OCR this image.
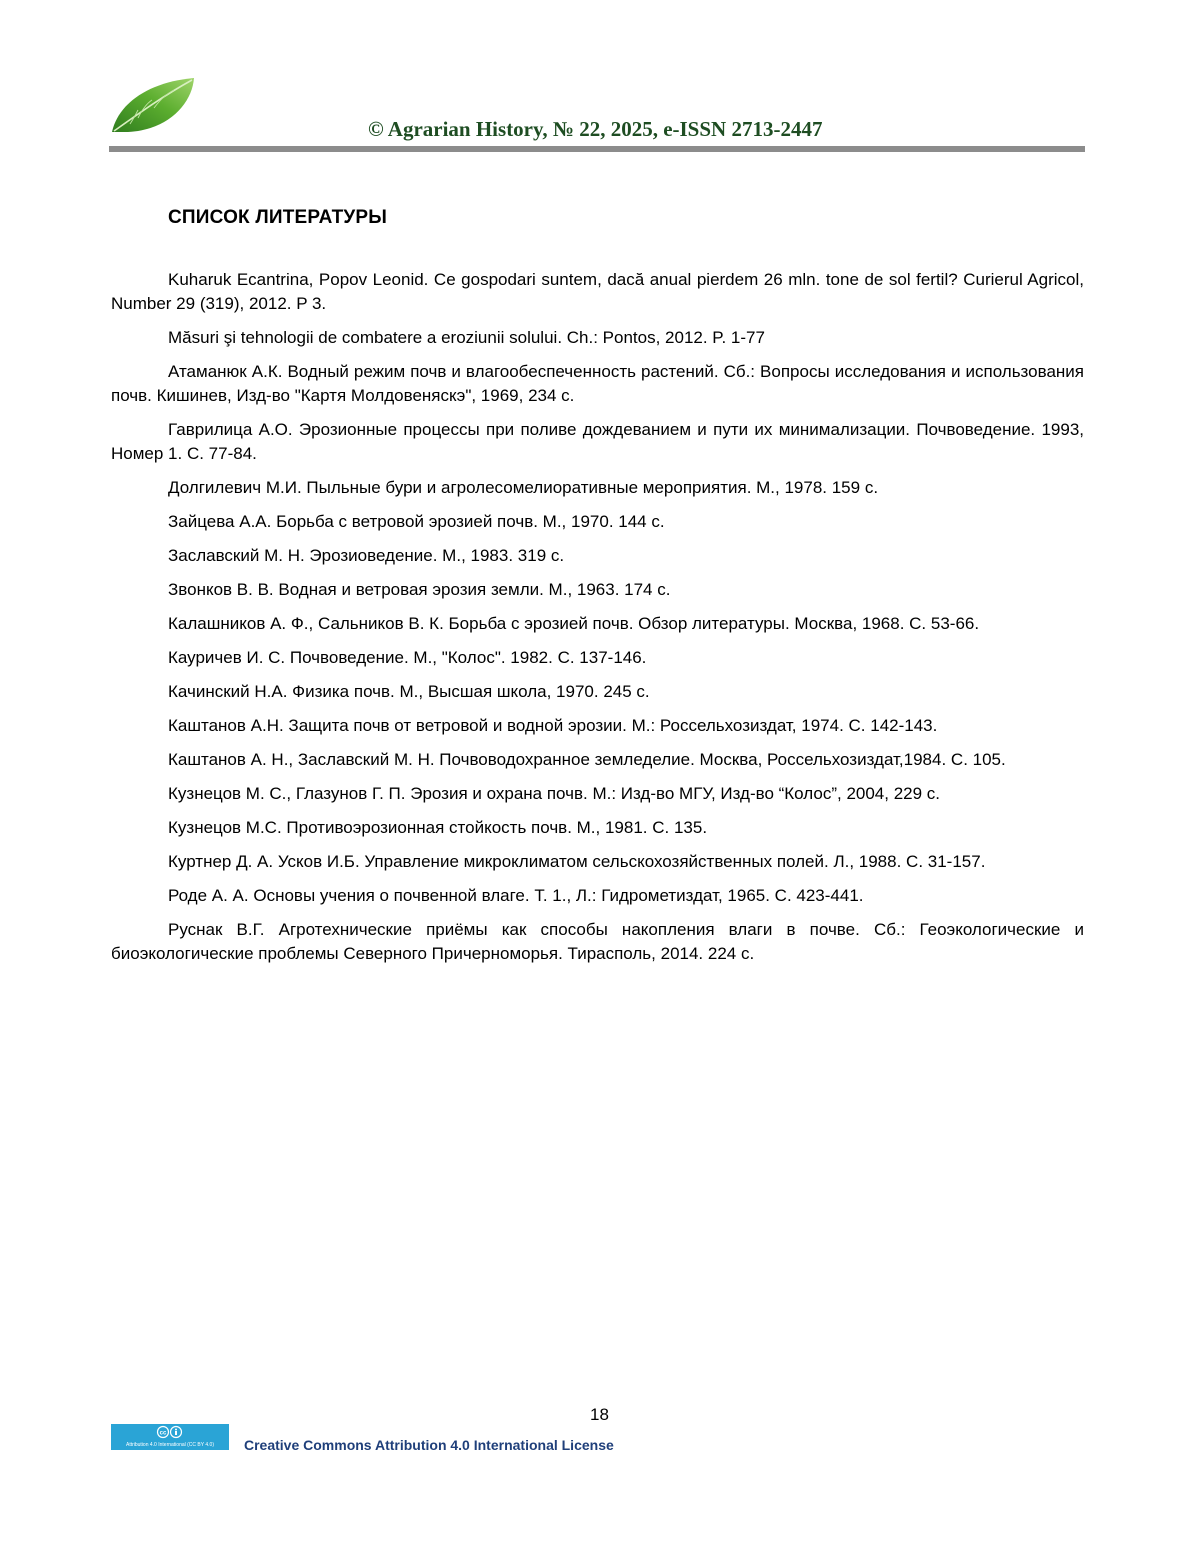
© Agrarian History, № 22, 2025, e-ISSN 2713-2447
СПИСОК ЛИТЕРАТУРЫ

Kuharuk Ecantrina, Popov Leonid. Ce gospodari suntem, dacă anual pierdem 26 mln. tone de sol fertil? Curierul Agricol, Number 29 (319), 2012. P 3.

Măsuri şi tehnologii de combatere a eroziunii solului. Ch.: Pontos, 2012. P. 1-77

Атаманюк А.К. Водный режим почв и влагообеспеченность растений. Сб.: Вопросы исследования и использования почв. Кишинев, Изд-во "Картя Молдовеняскэ", 1969, 234 с.

Гаврилица А.О. Эрозионные процессы при поливе дождеванием и пути их минимализации. Почвоведение. 1993, Номер 1. С. 77-84.

Долгилевич М.И. Пыльные бури и агролесомелиоративные мероприятия. М., 1978. 159 с.

Зайцева А.А. Борьба с ветровой эрозией почв. М., 1970. 144 с.

Заславский М. Н. Эрозиоведение. М., 1983. 319 с.

Звонков В. В. Водная и ветровая эрозия земли. М., 1963. 174 с.

Калашников А. Ф., Сальников В. К. Борьба с эрозией почв. Обзор литературы. Москва, 1968. С. 53-66.

Кауричев И. С. Почвоведение. М., "Колос". 1982. С. 137-146.

Качинский Н.А. Физика почв. М., Высшая школа, 1970. 245 с.

Каштанов А.Н. Защита почв от ветровой и водной эрозии. М.: Россельхозиздат, 1974. С. 142-143.

Каштанов А. Н., Заславский М. Н. Почвоводохранное земледелие. Москва, Россельхозиздат,1984. С. 105.

Кузнецов М. С., Глазунов Г. П. Эрозия и охрана почв. М.: Изд-во МГУ, Изд-во “Колос”, 2004, 229 с.

Кузнецов М.С. Противоэрозионная стойкость почв. М., 1981. С. 135.

Куртнер Д. А. Усков И.Б. Управление микроклиматом сельскохозяйственных полей. Л., 1988. С. 31-157.

Роде А. А. Основы учения о почвенной влаге. Т. 1., Л.: Гидрометиздат, 1965. С. 423-441.

Руснак В.Г. Агротехнические приёмы как способы накопления влаги в почве. Сб.: Геоэкологические и биоэкологические проблемы Северного Причерноморья. Тирасполь, 2014. 224 с.

18
cc
Attribution 4.0 International (CC BY 4.0) Creative Commons Attribution 4.0 International License
